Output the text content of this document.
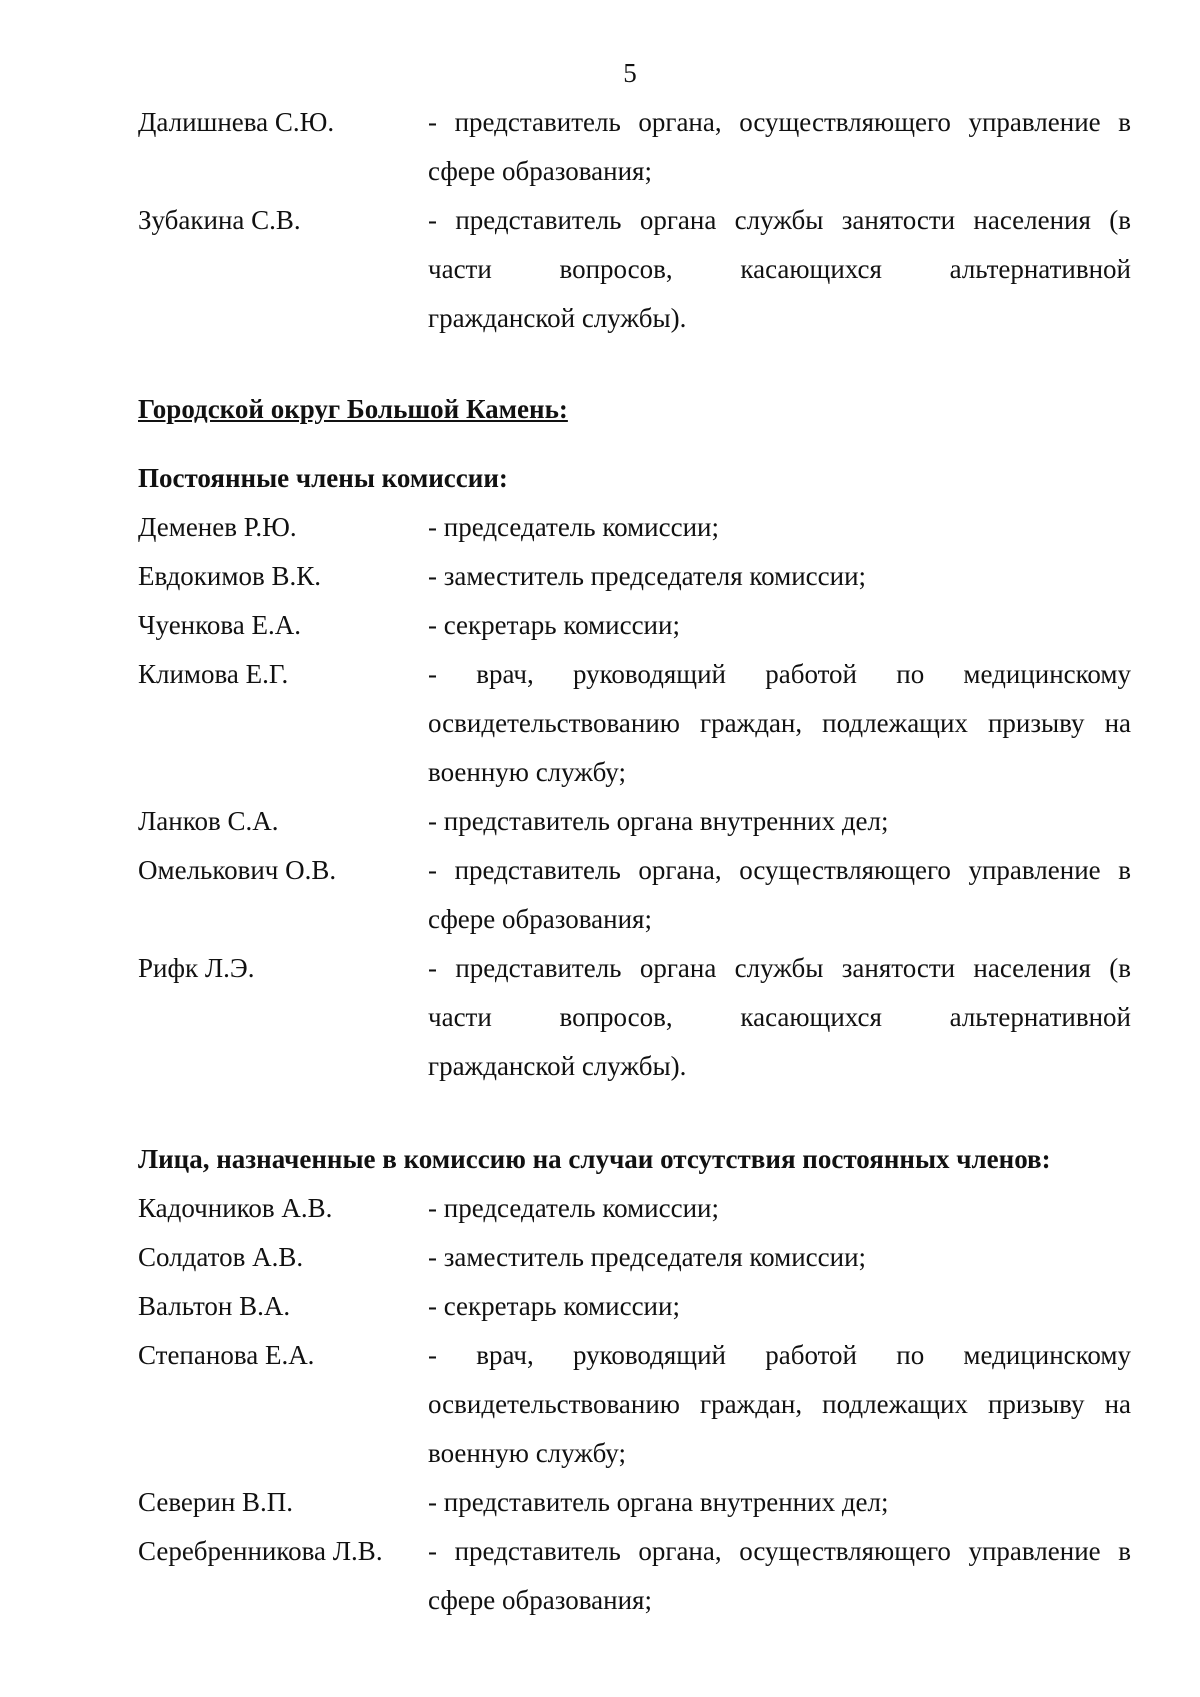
5
Далишнева С.Ю.	- представитель органа, осуществляющего управление в
сфере образования;
Зубакина С.В.	- представитель органа службы занятости населения (в
части вопросов, касающихся альтернативной
гражданской службы).
Городской округ Большой Камень:
Постоянные члены комиссии:
Деменев Р.Ю.	- председатель комиссии;
Евдокимов В.К.	- заместитель председателя комиссии;
Чуенкова Е.А.	- секретарь комиссии;
Климова Е.Г.	- врач, руководящий работой по медицинскому
освидетельствованию граждан, подлежащих призыву на
военную службу;
Ланков С.А.	- представитель органа внутренних дел;
Омелькович О.В.	- представитель органа, осуществляющего управление в
сфере образования;
Рифк Л.Э.	- представитель органа службы занятости населения (в
части вопросов, касающихся альтернативной
гражданской службы).
Лица, назначенные в комиссию на случаи отсутствия постоянных членов:
Кадочников А.В.	- председатель комиссии;
Солдатов А.В.	- заместитель председателя комиссии;
Вальтон В.А.	- секретарь комиссии;
Степанова Е.А.	- врач, руководящий работой по медицинскому
освидетельствованию граждан, подлежащих призыву на
военную службу;
Северин В.П.	- представитель органа внутренних дел;
Серебренникова Л.В.	- представитель органа, осуществляющего управление в
сфере образования;
